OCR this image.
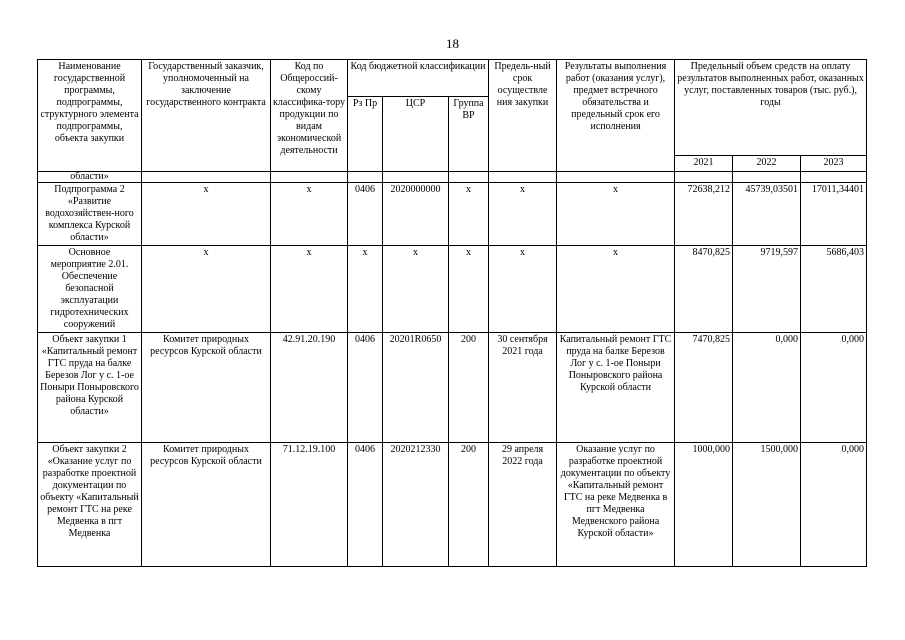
18
Наименование государственной программы, подпрограммы, структурного элемента подпрограммы, объекта закупки	Государственный заказчик, уполномоченный на заключение государственного контракта	Код по Общероссий-скому классифика-тору продукции по видам экономической деятельности	Код бюджетной классификации			Предель-ный срок осуществле ния закупки	Результаты выполнения работ (оказания услуг), предмет встречного обязательства и предельный срок его исполнения	Предельный объем средств на оплату результатов выполненных работ, оказанных услуг, поставленных товаров (тыс. руб.), годы		
			Рз Пр	ЦСР	Группа ВР					
								2021	2022	2023
области»										
Подпрограмма 2 «Развитие водохозяйствен-ного комплекса Курской области»	х	х	0406	2020000000	х	х	х	72638,212	45739,03501	17011,34401
Основное мероприятие 2.01. Обеспечение безопасной эксплуатации гидротехнических сооружений	х	х	х	х	х	х	х	8470,825	9719,597	5686,403
Объект закупки 1 «Капитальный ремонт ГТС пруда на балке Березов Лог у с. 1-ое Поныри Поныровского района Курской области»	Комитет природных ресурсов Курской области	42.91.20.190	0406	20201R0650	200	30 сентября 2021 года	Капитальный ремонт ГТС пруда на балке Березов Лог у с. 1-ое Поныри Поныровского района Курской области	7470,825	0,000	0,000
Объект закупки 2 «Оказание услуг по разработке проектной документации по объекту «Капитальный ремонт ГТС на реке Медвенка в пгт Медвенка	Комитет природных ресурсов Курской области	71.12.19.100	0406	2020212330	200	29 апреля 2022 года	Оказание услуг по разработке проектной документации по объекту «Капитальный ремонт ГТС на реке Медвенка в пгт Медвенка Медвенского района Курской области»	1000,000	1500,000	0,000
